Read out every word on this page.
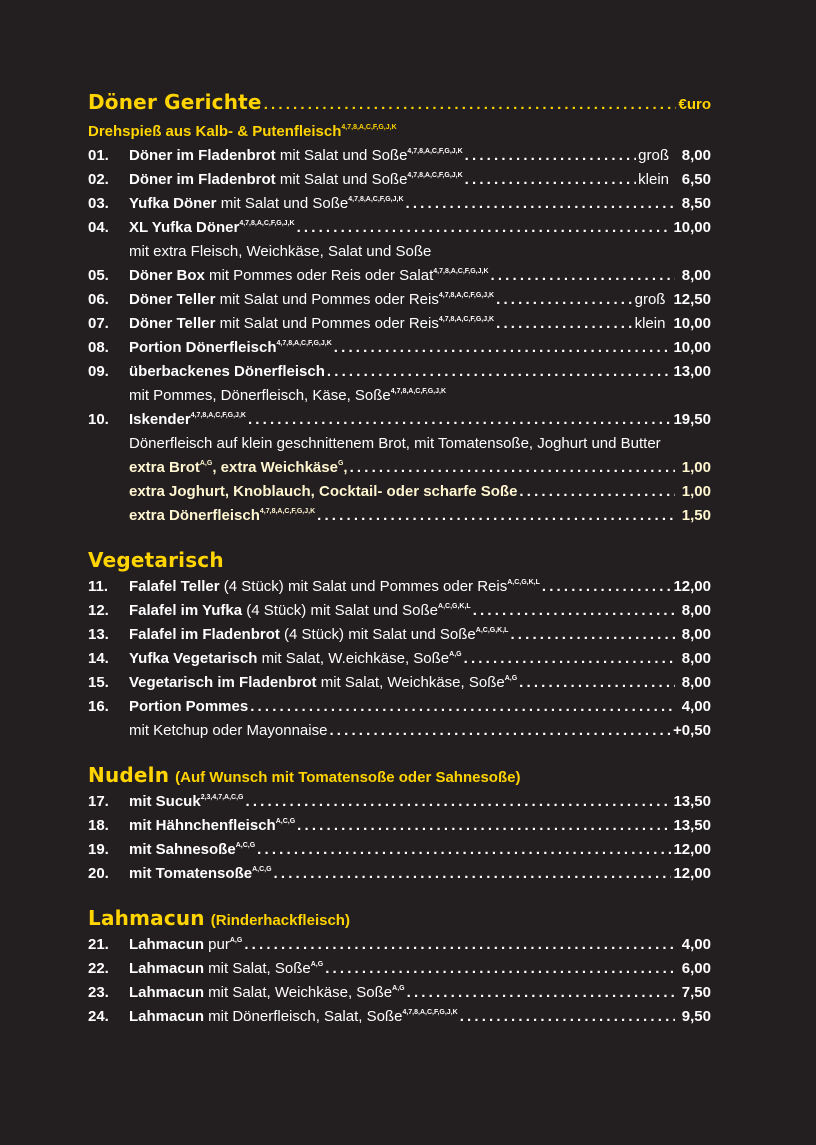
Döner Gerichte . . .	€uro
Drehspieß aus Kalb- & Putenfleisch$^{4,7,8,A,C,F,G,J,K}$
01.	Döner im Fladenbrot mit Salat und Soße$^{4,7,8,A,C,F,G,J,K}$ . . .	groß 8,00
02.	Döner im Fladenbrot mit Salat und Soße$^{4,7,8,A,C,F,G,J,K}$ . . .	klein 6,50
03.	Yufka Döner mit Salat und Soße$^{4,7,8,A,C,F,G,J,K}$ . . .	8,50
04.	XL Yufka Döner$^{4,7,8,A,C,F,G,J,K}$ . . .	10,00
mit extra Fleisch, Weichkäse, Salat und Soße
05.	Döner Box mit Pommes oder Reis oder Salat$^{4,7,8,A,C,F,G,J,K}$ . . .	8,00
06.	Döner Teller mit Salat und Pommes oder Reis$^{4,7,8,A,C,F,G,J,K}$ . . .	groß 12,50
07.	Döner Teller mit Salat und Pommes oder Reis$^{4,7,8,A,C,F,G,J,K}$ . . .	klein 10,00
08.	Portion Dönerfleisch$^{4,7,8,A,C,F,G,J,K}$ . . .	10,00
09.	überbackenes Dönerfleisch . . .	13,00
mit Pommes, Dönerfleisch, Käse, Soße$^{4,7,8,A,C,F,G,J,K}$
10.	Iskender$^{4,7,8,A,C,F,G,J,K}$ . . .	19,50
Dönerfleisch auf klein geschnittenem Brot, mit Tomatensoße, Joghurt und Butter
extra Brot$^{A,G}$, extra Weichkäse$^G$, . . .	1,00
extra Joghurt, Knoblauch, Cocktail- oder scharfe Soße . . .	1,00
extra Dönerfleisch$^{4,7,8,A,C,F,G,J,K}$ . . .	1,50
Vegetarisch
11.	Falafel Teller (4 Stück) mit Salat und Pommes oder Reis$^{A,C,G,K,L}$ . . .	12,00
12.	Falafel im Yufka (4 Stück) mit Salat und Soße$^{A,C,G,K,L}$ . . .	8,00
13.	Falafel im Fladenbrot (4 Stück) mit Salat und Soße$^{A,C,G,K,L}$ . . .	8,00
14.	Yufka Vegetarisch mit Salat, W.eichkäse, Soße$^{A,G}$ . . .	8,00
15.	Vegetarisch im Fladenbrot mit Salat, Weichkäse, Soße$^{A,G}$ . . .	8,00
16.	Portion Pommes . . .	4,00
mit Ketchup oder Mayonnaise . . .	+0,50
Nudeln (Auf Wunsch mit Tomatensoße oder Sahnesoße)
17.	mit Sucuk$^{2,3,4,7,A,C,G}$ . . .	13,50
18.	mit Hähnchenfleisch$^{A,C,G}$ . . .	13,50
19.	mit Sahnesoße$^{A,C,G}$ . . .	12,00
20.	mit Tomatensoße$^{A,C,G}$ . . .	12,00
Lahmacun (Rinderhackfleisch)
21.	Lahmacun pur$^{A,G}$ . . .	4,00
22.	Lahmacun mit Salat, Soße$^{A,G}$ . . .	6,00
23.	Lahmacun mit Salat, Weichkäse, Soße$^{A,G}$ . . .	7,50
24.	Lahmacun mit Dönerfleisch, Salat, Soße$^{4,7,8,A,C,F,G,J,K}$ . . .	9,50
